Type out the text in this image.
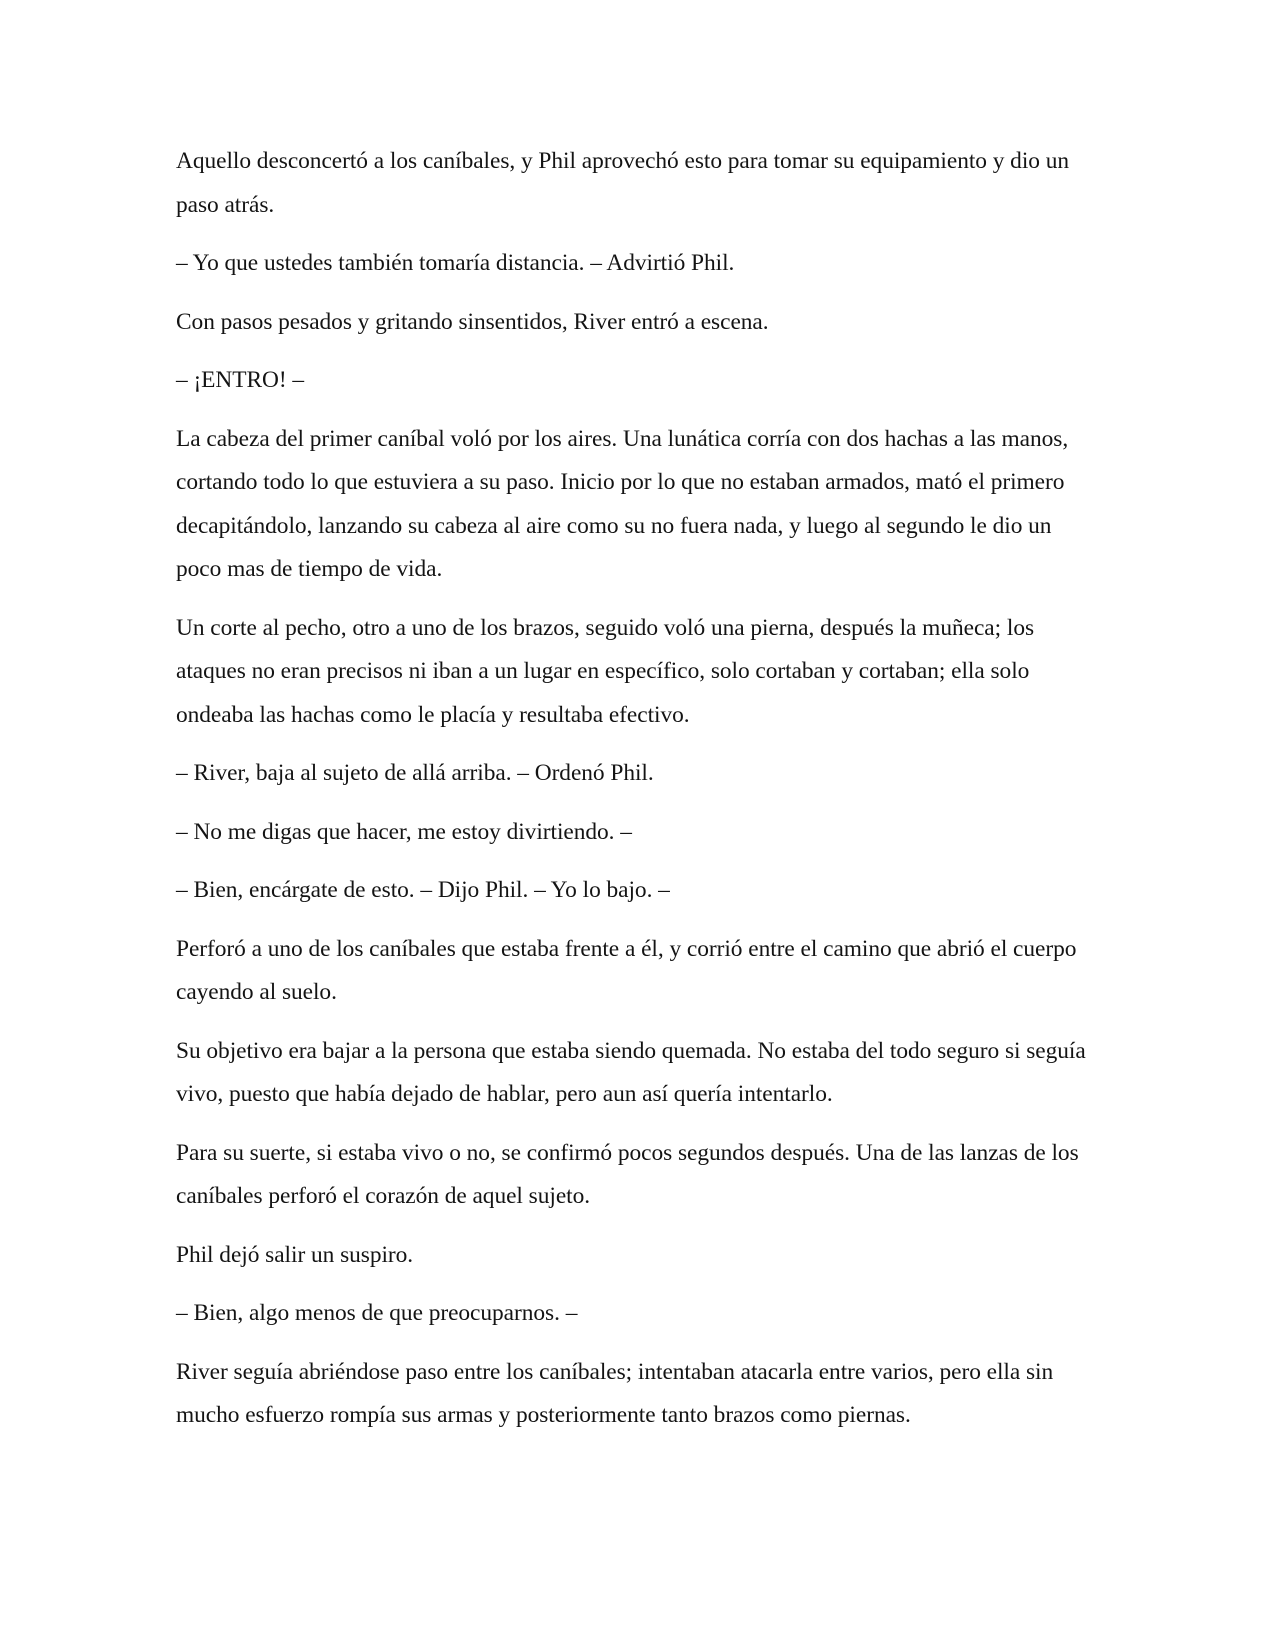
Aquello desconcertó a los caníbales, y Phil aprovechó esto para tomar su equipamiento y dio un paso atrás.

– Yo que ustedes también tomaría distancia. – Advirtió Phil.

Con pasos pesados y gritando sinsentidos, River entró a escena.

– ¡ENTRO! –

La cabeza del primer caníbal voló por los aires. Una lunática corría con dos hachas a las manos, cortando todo lo que estuviera a su paso. Inicio por lo que no estaban armados, mató el primero decapitándolo, lanzando su cabeza al aire como su no fuera nada, y luego al segundo le dio un poco mas de tiempo de vida.

Un corte al pecho, otro a uno de los brazos, seguido voló una pierna, después la muñeca; los ataques no eran precisos ni iban a un lugar en específico, solo cortaban y cortaban; ella solo ondeaba las hachas como le placía y resultaba efectivo.

– River, baja al sujeto de allá arriba. – Ordenó Phil.

– No me digas que hacer, me estoy divirtiendo. –

– Bien, encárgate de esto. – Dijo Phil. – Yo lo bajo. –

Perforó a uno de los caníbales que estaba frente a él, y corrió entre el camino que abrió el cuerpo cayendo al suelo.

Su objetivo era bajar a la persona que estaba siendo quemada. No estaba del todo seguro si seguía vivo, puesto que había dejado de hablar, pero aun así quería intentarlo.

Para su suerte, si estaba vivo o no, se confirmó pocos segundos después. Una de las lanzas de los caníbales perforó el corazón de aquel sujeto.

Phil dejó salir un suspiro.

– Bien, algo menos de que preocuparnos. –

River seguía abriéndose paso entre los caníbales; intentaban atacarla entre varios, pero ella sin mucho esfuerzo rompía sus armas y posteriormente tanto brazos como piernas.
